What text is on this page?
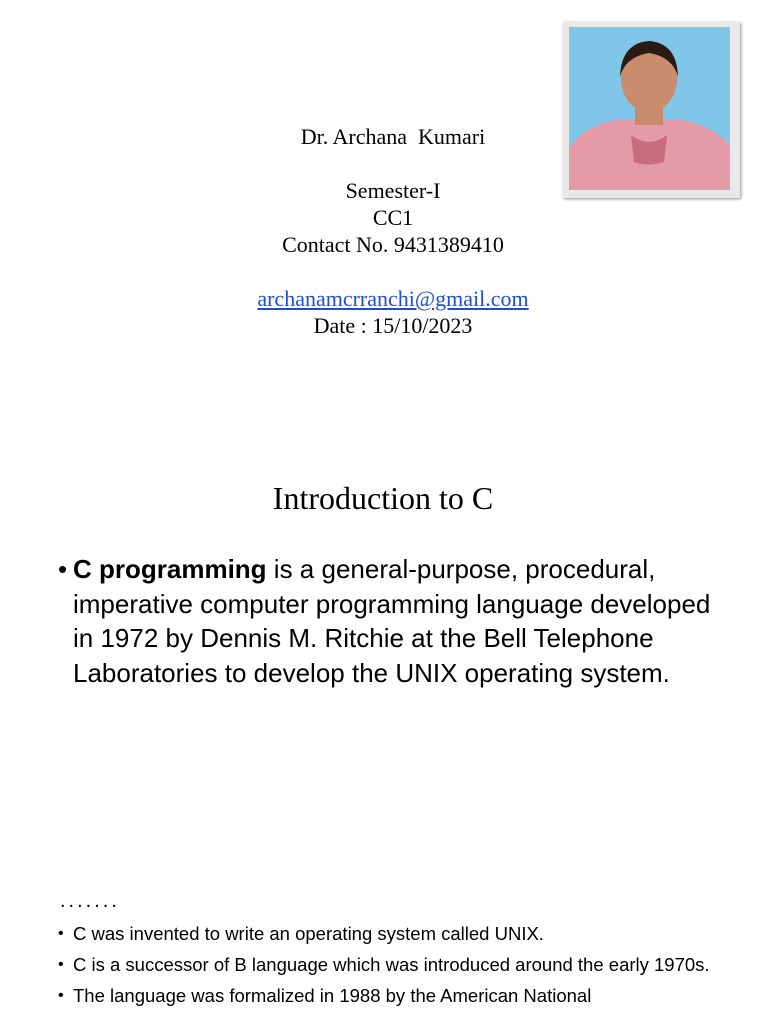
Dr. Archana  Kumari
Semester-I
CC1
Contact No. 9431389410
archanamcrranchi@gmail.com
Date : 15/10/2023
Introduction to C
• C programming is a general-purpose, procedural, imperative computer programming language developed in 1972 by Dennis M. Ritchie at the Bell Telephone Laboratories to develop the UNIX operating system.
.......
• C was invented to write an operating system called UNIX.
• C is a successor of B language which was introduced around the early 1970s.
• The language was formalized in 1988 by the American National
